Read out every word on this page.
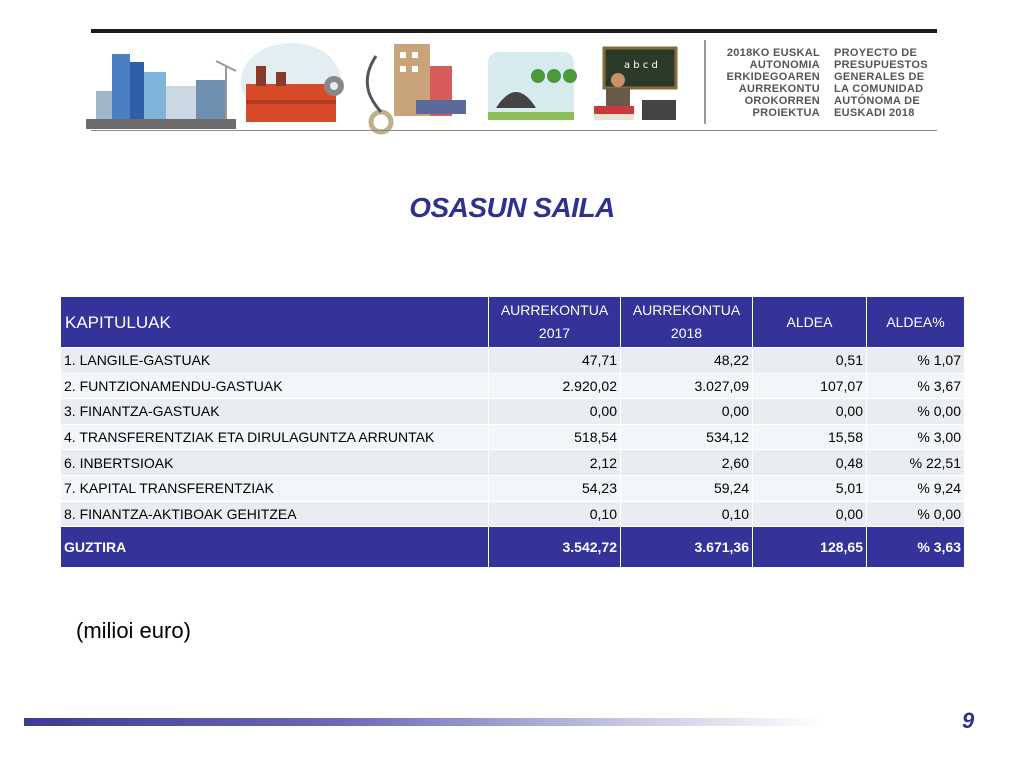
a b c d
2018KO EUSKAL
AUTONOMIA
ERKIDEGOAREN
AURREKONTU
OROKORREN
PROIEKTUA
PROYECTO DE
PRESUPUESTOS
GENERALES DE
LA COMUNIDAD
AUTÓNOMA DE
EUSKADI 2018
OSASUN SAILA
KAPITULUAK	AURREKONTUA 2017	AURREKONTUA 2018	ALDEA	ALDEA%
1. LANGILE-GASTUAK	47,71	48,22	0,51	% 1,07
2. FUNTZIONAMENDU-GASTUAK	2.920,02	3.027,09	107,07	% 3,67
3. FINANTZA-GASTUAK	0,00	0,00	0,00	% 0,00
4. TRANSFERENTZIAK ETA DIRULAGUNTZA ARRUNTAK	518,54	534,12	15,58	% 3,00
6. INBERTSIOAK	2,12	2,60	0,48	% 22,51
7. KAPITAL TRANSFERENTZIAK	54,23	59,24	5,01	% 9,24
8. FINANTZA-AKTIBOAK GEHITZEA	0,10	0,10	0,00	% 0,00
GUZTIRA	3.542,72	3.671,36	128,65	% 3,63
(milioi euro)
9
